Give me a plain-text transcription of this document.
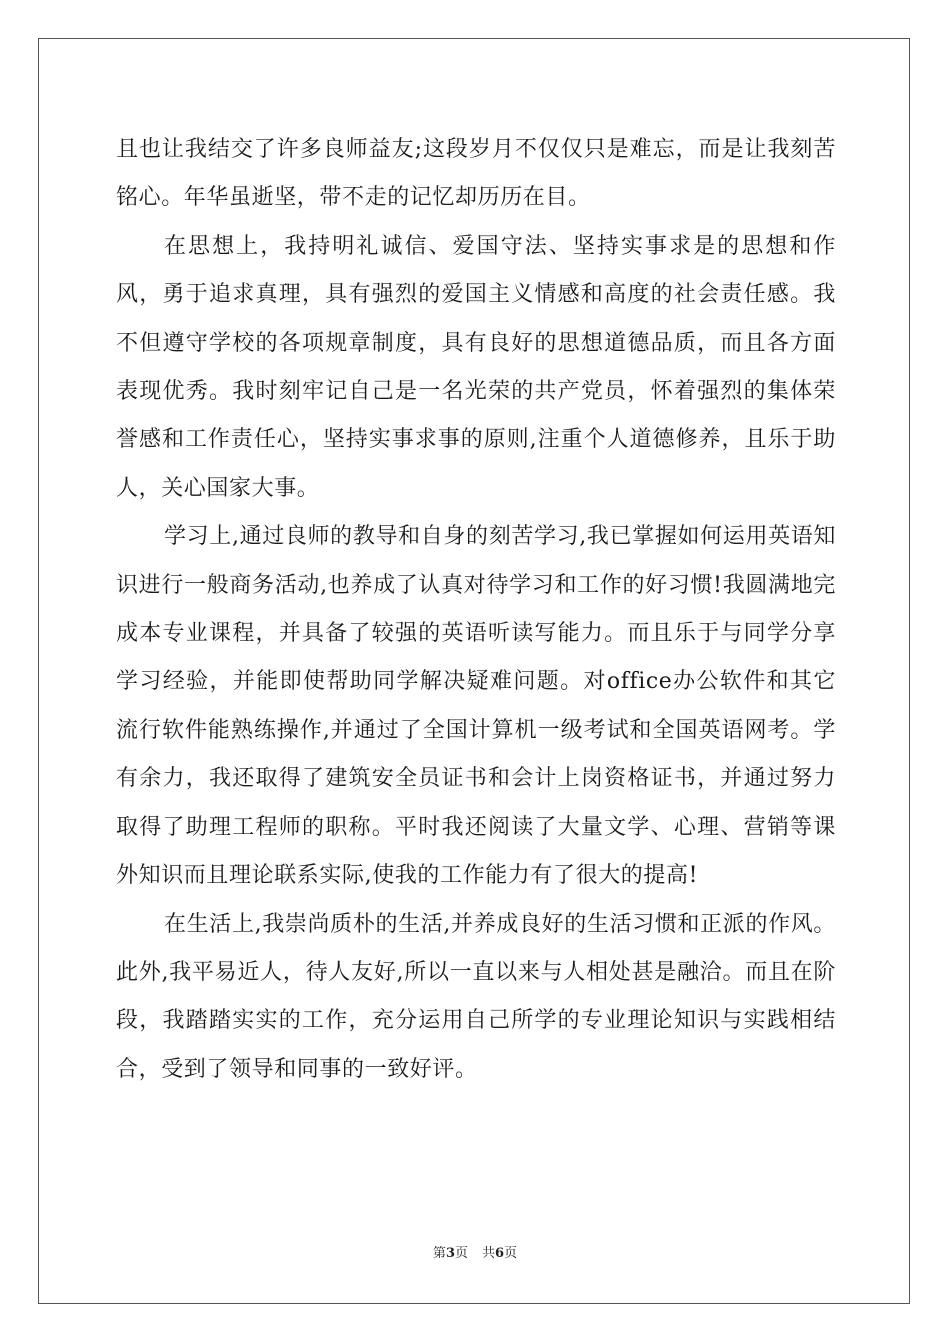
且也让我结交了许多良师益友;这段岁月不仅仅只是难忘，而是让我刻苦铭心。年华虽逝坚，带不走的记忆却历历在目。

在思想上，我持明礼诚信、爱国守法、坚持实事求是的思想和作风，勇于追求真理，具有强烈的爱国主义情感和高度的社会责任感。我不但遵守学校的各项规章制度，具有良好的思想道德品质，而且各方面表现优秀。我时刻牢记自己是一名光荣的共产党员，怀着强烈的集体荣誉感和工作责任心，坚持实事求事的原则,注重个人道德修养，且乐于助人，关心国家大事。

学习上,通过良师的教导和自身的刻苦学习,我已掌握如何运用英语知识进行一般商务活动,也养成了认真对待学习和工作的好习惯!我圆满地完成本专业课程，并具备了较强的英语听读写能力。而且乐于与同学分享学习经验，并能即使帮助同学解决疑难问题。对office办公软件和其它流行软件能熟练操作,并通过了全国计算机一级考试和全国英语网考。学有余力，我还取得了建筑安全员证书和会计上岗资格证书，并通过努力取得了助理工程师的职称。平时我还阅读了大量文学、心理、营销等课外知识而且理论联系实际,使我的工作能力有了很大的提高!

在生活上,我崇尚质朴的生活,并养成良好的生活习惯和正派的作风。此外,我平易近人，待人友好,所以一直以来与人相处甚是融洽。而且在阶段，我踏踏实实的工作，充分运用自己所学的专业理论知识与实践相结合，受到了领导和同事的一致好评。

第3页 共6页
